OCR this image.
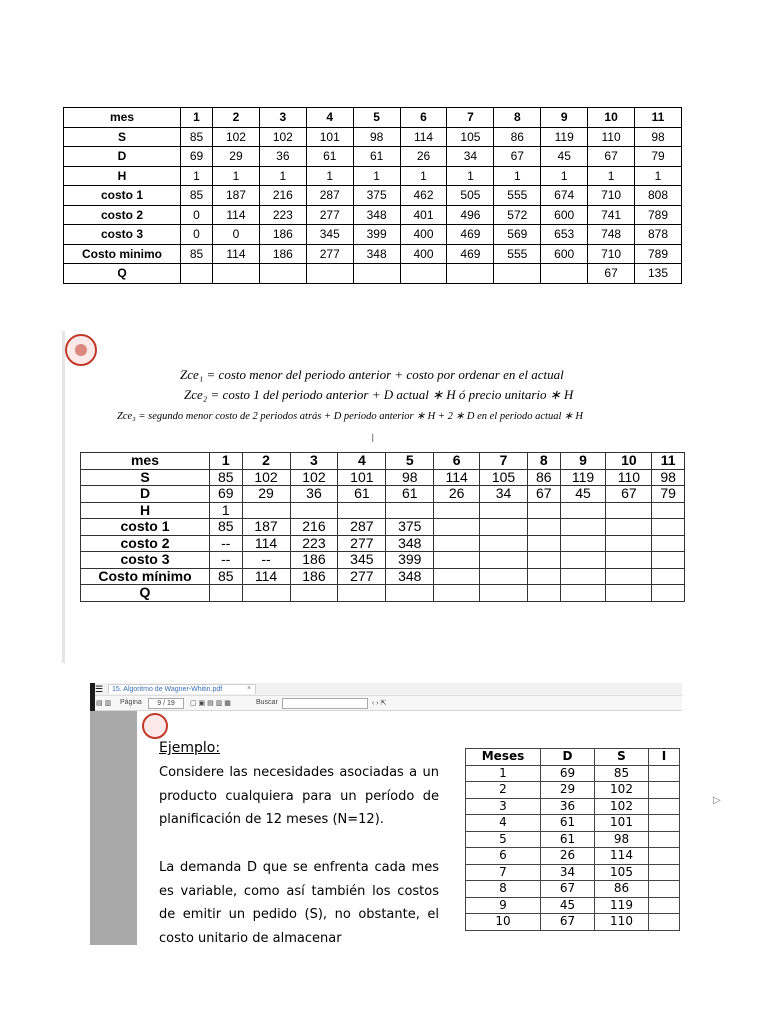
mes	1	2	3	4	5	6	7	8	9	10	11
S	85	102	102	101	98	114	105	86	119	110	98
D	69	29	36	61	61	26	34	67	45	67	79
H	1	1	1	1	1	1	1	1	1	1	1
costo 1	85	187	216	287	375	462	505	555	674	710	808
costo 2	0	114	223	277	348	401	496	572	600	741	789
costo 3	0	0	186	345	399	400	469	569	653	748	878
Costo minimo	85	114	186	277	348	400	469	555	600	710	789
Q										67	135
Zce₁ = costo menor del periodo anterior + costo por ordenar en el actual
Zce₂ = costo 1 del periodo anterior + D actual ∗ H ó precio unitario ∗ H
Zce₃ = segundo menor costo de 2 periodos atrás + D periodo anterior ∗ H + 2 ∗ D en el periodo actual ∗ H
I
mes	1	2	3	4	5	6	7	8	9	10	11
S	85	102	102	101	98	114	105	86	119	110	98
D	69	29	36	61	61	26	34	67	45	67	79
H	1										
costo 1	85	187	216	287	375						
costo 2	--	114	223	277	348						
costo 3	--	--	186	345	399						
Costo mínimo	85	114	186	277	348						
Q											
☰	15. Algoritmo de Wagner-Whitin.pdf	×
▤ ▥ Página	9 / 19	▢ ▣ ▤ ▥ ▦	Buscar	‹ › ⇱
Ejemplo:
Considere las necesidades asociadas a un producto cualquiera para un período de planificación de 12 meses (N=12).
La demanda D que se enfrenta cada mes es variable, como así también los costos de emitir un pedido (S), no obstante, el costo unitario de almacenar
Meses	D	S	I
1	69	85	
2	29	102	
3	36	102	
4	61	101	
5	61	98	
6	26	114	
7	34	105	
8	67	86	
9	45	119	
10	67	110	
▷
